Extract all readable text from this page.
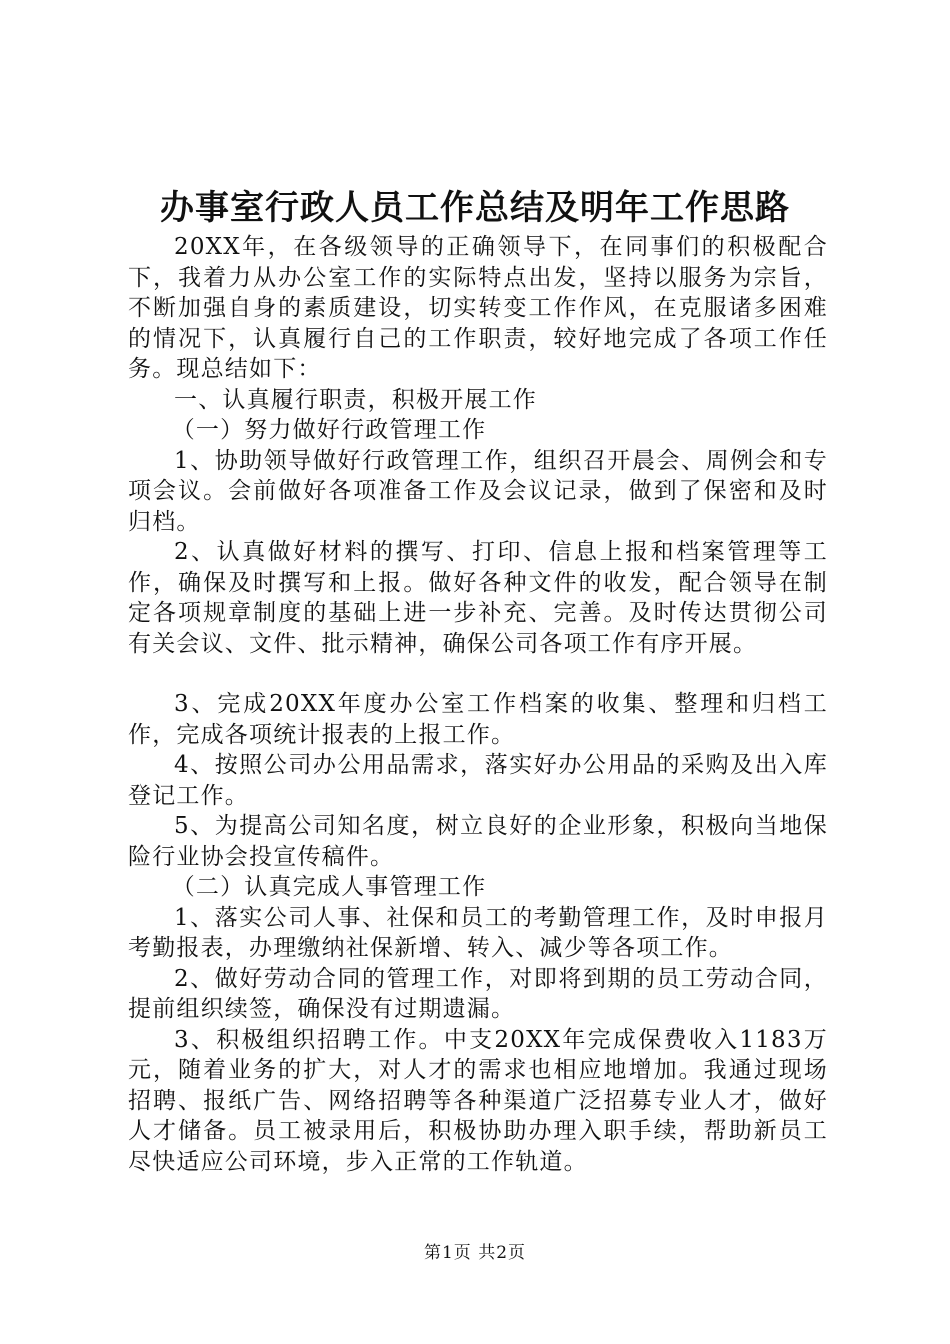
办事室行政人员工作总结及明年工作思路

20XX年，在各级领导的正确领导下，在同事们的积极配合下，我着力从办公室工作的实际特点出发，坚持以服务为宗旨，不断加强自身的素质建设，切实转变工作作风，在克服诸多困难的情况下，认真履行自己的工作职责，较好地完成了各项工作任务。现总结如下：

一、认真履行职责，积极开展工作

（一）努力做好行政管理工作

1、协助领导做好行政管理工作，组织召开晨会、周例会和专项会议。会前做好各项准备工作及会议记录，做到了保密和及时归档。

2、认真做好材料的撰写、打印、信息上报和档案管理等工作，确保及时撰写和上报。做好各种文件的收发，配合领导在制定各项规章制度的基础上进一步补充、完善。及时传达贯彻公司有关会议、文件、批示精神，确保公司各项工作有序开展。

3、完成20XX年度办公室工作档案的收集、整理和归档工作，完成各项统计报表的上报工作。

4、按照公司办公用品需求，落实好办公用品的采购及出入库登记工作。

5、为提高公司知名度，树立良好的企业形象，积极向当地保险行业协会投宣传稿件。

（二）认真完成人事管理工作

1、落实公司人事、社保和员工的考勤管理工作，及时申报月考勤报表，办理缴纳社保新增、转入、减少等各项工作。

2、做好劳动合同的管理工作，对即将到期的员工劳动合同，提前组织续签，确保没有过期遗漏。

3、积极组织招聘工作。中支20XX年完成保费收入1183万元，随着业务的扩大，对人才的需求也相应地增加。我通过现场招聘、报纸广告、网络招聘等各种渠道广泛招募专业人才，做好人才储备。员工被录用后，积极协助办理入职手续，帮助新员工尽快适应公司环境，步入正常的工作轨道。

第1页 共2页
